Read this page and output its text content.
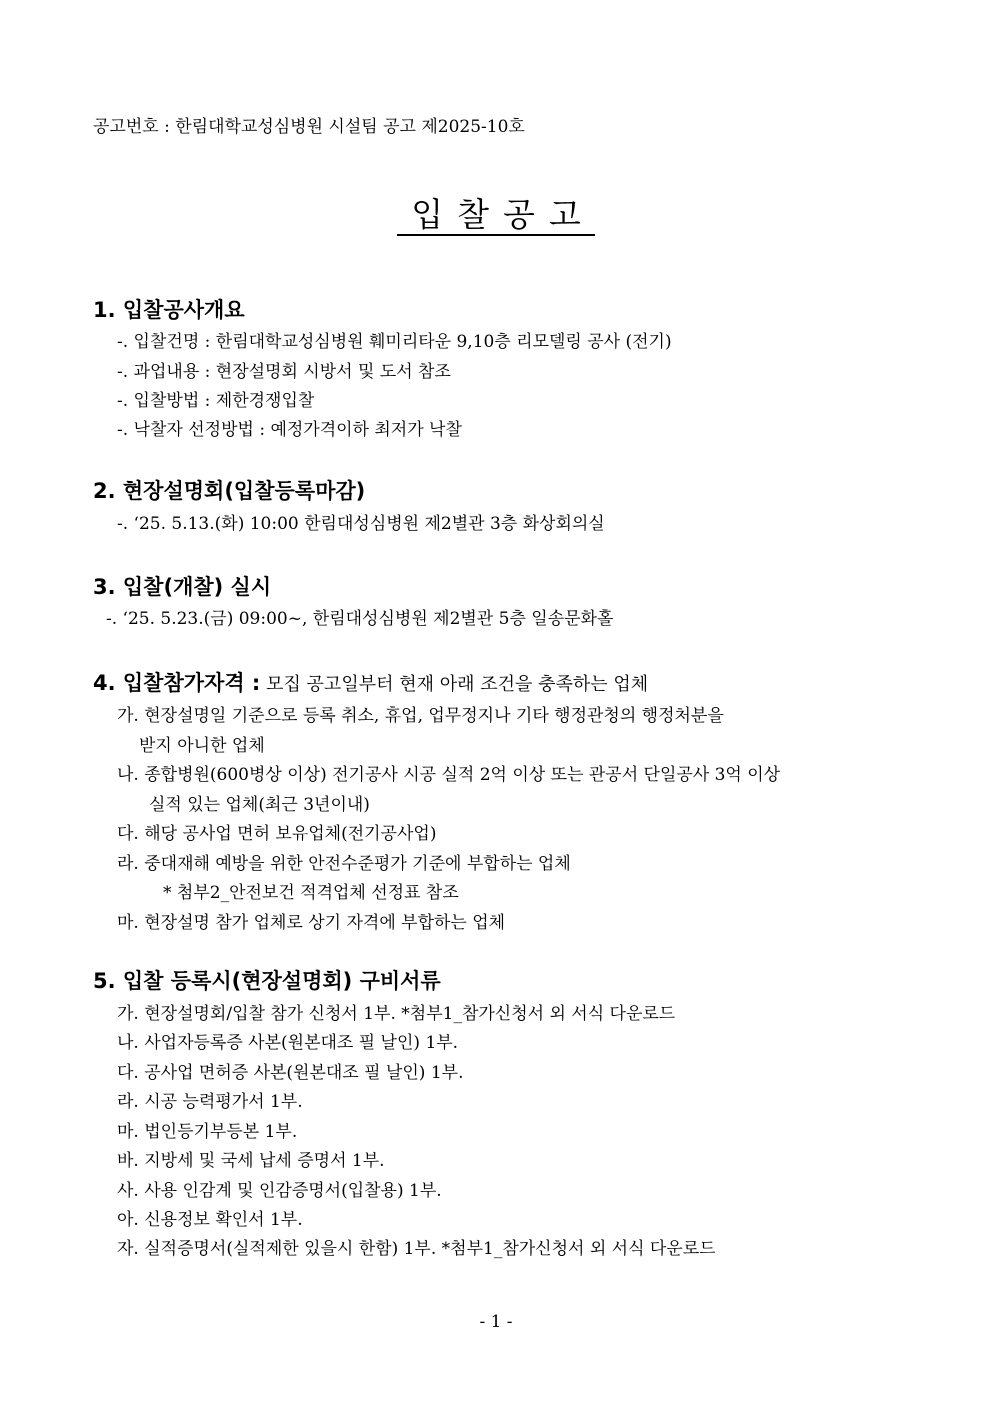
공고번호 : 한림대학교성심병원 시설팀 공고 제2025-10호
입찰공고
1. 입찰공사개요
-. 입찰건명 : 한림대학교성심병원 훼미리타운 9,10층 리모델링 공사 (전기)
-. 과업내용 : 현장설명회 시방서 및 도서 참조
-. 입찰방법 : 제한경쟁입찰
-. 낙찰자 선정방법 : 예정가격이하 최저가 낙찰
2. 현장설명회(입찰등록마감)
-. ‘25. 5.13.(화) 10:00 한림대성심병원 제2별관 3층 화상회의실
3. 입찰(개찰) 실시
-. ‘25. 5.23.(금) 09:00~, 한림대성심병원 제2별관 5층 일송문화홀
4. 입찰참가자격 : 모집 공고일부터 현재 아래 조건을 충족하는 업체
가. 현장설명일 기준으로 등록 취소, 휴업, 업무정지나 기타 행정관청의 행정처분을
받지 아니한 업체
나. 종합병원(600병상 이상) 전기공사 시공 실적 2억 이상 또는 관공서 단일공사 3억 이상
실적 있는 업체(최근 3년이내)
다. 해당 공사업 면허 보유업체(전기공사업)
라. 중대재해 예방을 위한 안전수준평가 기준에 부합하는 업체
* 첨부2_안전보건 적격업체 선정표 참조
마. 현장설명 참가 업체로 상기 자격에 부합하는 업체
5. 입찰 등록시(현장설명회) 구비서류
가. 현장설명회/입찰 참가 신청서 1부. *첨부1_참가신청서 외 서식 다운로드
나. 사업자등록증 사본(원본대조 필 날인) 1부.
다. 공사업 면허증 사본(원본대조 필 날인) 1부.
라. 시공 능력평가서 1부.
마. 법인등기부등본 1부.
바. 지방세 및 국세 납세 증명서 1부.
사. 사용 인감계 및 인감증명서(입찰용) 1부.
아. 신용정보 확인서 1부.
자. 실적증명서(실적제한 있을시 한함) 1부. *첨부1_참가신청서 외 서식 다운로드
- 1 -
